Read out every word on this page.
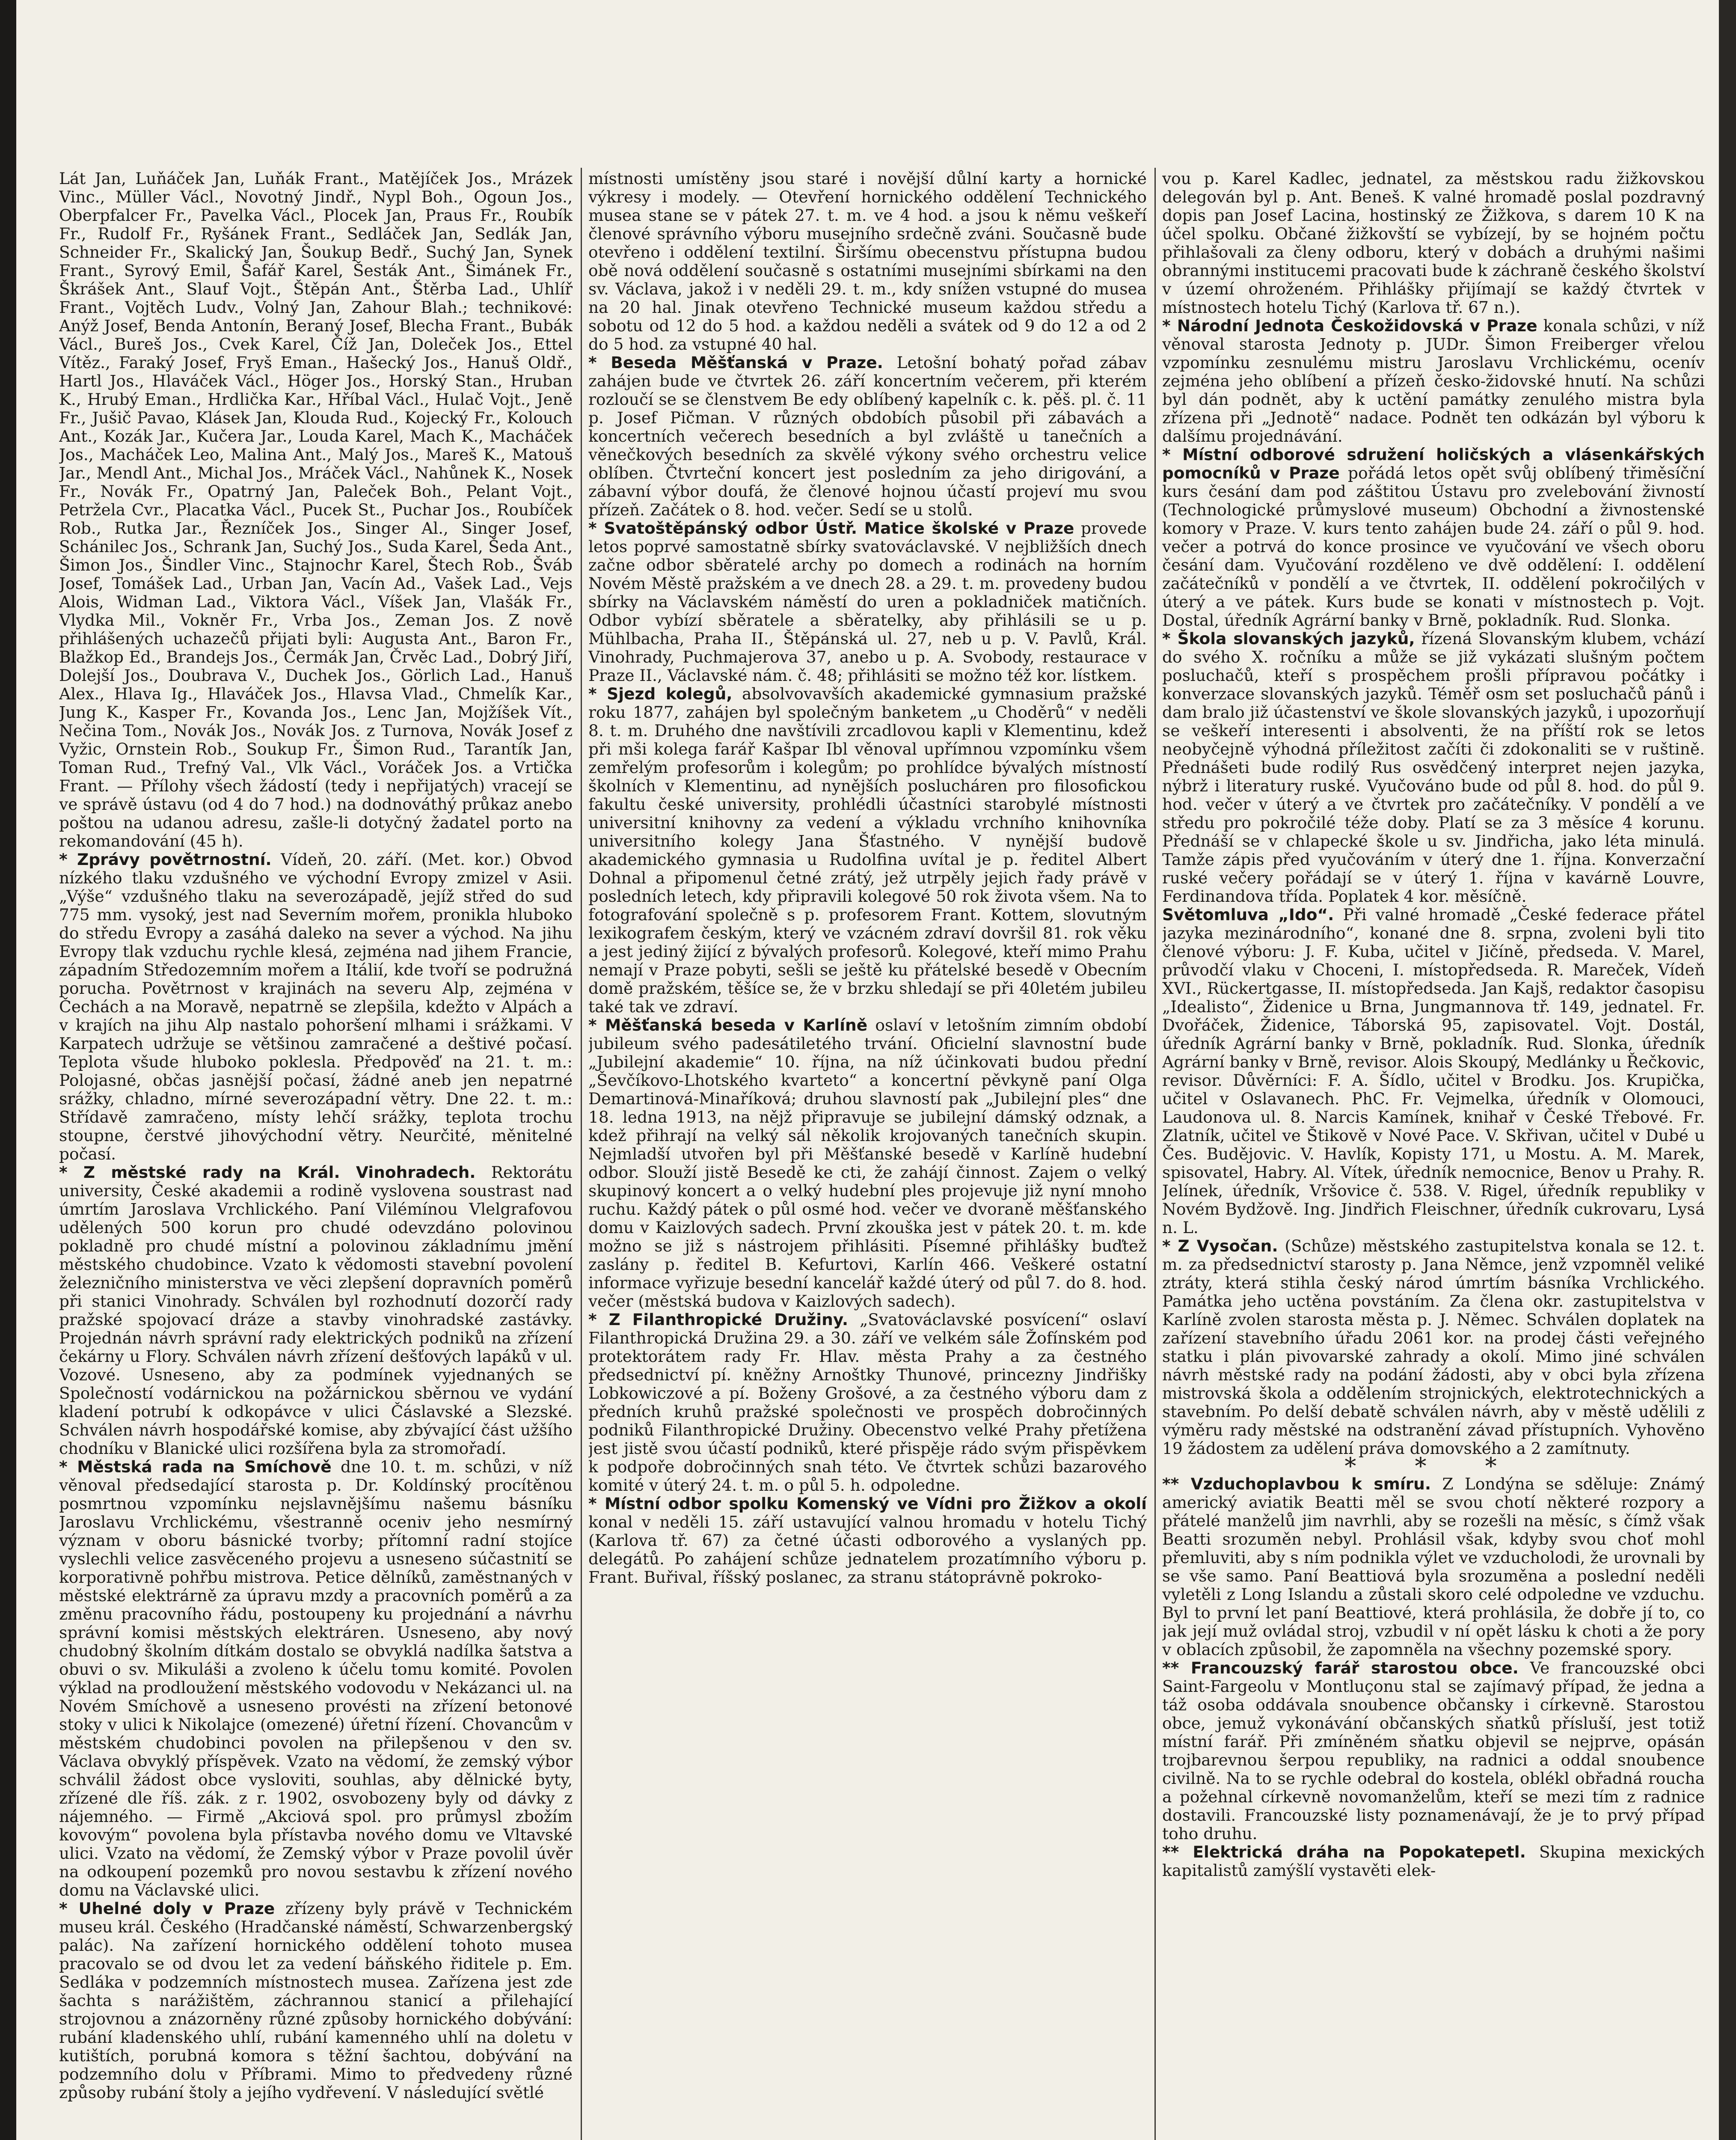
Lát Jan, Luňáček Jan, Luňák Frant., Matějíček Jos., Mrázek Vinc., Müller Václ., Novotný Jindř., Nypl Boh., Ogoun Jos., Oberpfalcer Fr., Pavelka Václ., Plocek Jan, Praus Fr., Roubík Fr., Rudolf Fr., Ryšánek Frant., Sedláček Jan, Sedlák Jan, Schneider Fr., Skalický Jan, Šoukup Bedř., Suchý Jan, Synek Frant., Syrový Emil, Šafář Karel, Šesták Ant., Šimánek Fr., Škrášek Ant., Slauf Vojt., Štěpán Ant., Štěrba Lad., Uhlíř Frant., Vojtěch Ludv., Volný Jan, Zahour Blah.; technikové: Anýž Josef, Benda Antonín, Beraný Josef, Blecha Frant., Bubák Václ., Bureš Jos., Cvek Karel, Číž Jan, Doleček Jos., Ettel Vítěz., Faraký Josef, Fryš Eman., Hašecký Jos., Hanuš Oldř., Hartl Jos., Hlaváček Václ., Höger Jos., Horský Stan., Hruban K., Hrubý Eman., Hrdlička Kar., Hříbal Václ., Hulač Vojt., Jeně Fr., Jušič Pavao, Klásek Jan, Klouda Rud., Kojecký Fr., Kolouch Ant., Kozák Jar., Kučera Jar., Louda Karel, Mach K., Macháček Jos., Macháček Leo, Malina Ant., Malý Jos., Mareš K., Matouš Jar., Mendl Ant., Michal Jos., Mráček Václ., Nahůnek K., Nosek Fr., Novák Fr., Opatrný Jan, Paleček Boh., Pelant Vojt., Petržela Cvr., Placatka Václ., Pucek St., Puchar Jos., Roubíček Rob., Rutka Jar., Řezníček Jos., Singer Al., Singer Josef, Schánilec Jos., Schrank Jan, Suchý Jos., Suda Karel, Šeda Ant., Šimon Jos., Šindler Vinc., Stajnochr Karel, Štech Rob., Šváb Josef, Tomášek Lad., Urban Jan, Vacín Ad., Vašek Lad., Vejs Alois, Widman Lad., Viktora Václ., Víšek Jan, Vlašák Fr., Vlydka Mil., Vokněr Fr., Vrba Jos., Zeman Jos. Z nově přihlášených uchazečů přijati byli: Augusta Ant., Baron Fr., Blažkop Ed., Brandejs Jos., Čermák Jan, Črvěc Lad., Dobrý Jiří, Dolejší Jos., Doubrava V., Duchek Jos., Görlich Lad., Hanuš Alex., Hlava Ig., Hlaváček Jos., Hlavsa Vlad., Chmelík Kar., Jung K., Kasper Fr., Kovanda Jos., Lenc Jan, Mojžíšek Vít., Nečina Tom., Novák Jos., Novák Jos. z Turnova, Novák Josef z Vyžic, Ornstein Rob., Soukup Fr., Šimon Rud., Tarantík Jan, Toman Rud., Trefný Val., Vlk Václ., Voráček Jos. a Vrtička Frant. — Přílohy všech žádostí (tedy i nepřijatých) vracejí se ve správě ústavu (od 4 do 7 hod.) na dodnováthý průkaz anebo poštou na udanou adresu, zašle-li dotyčný žadatel porto na rekomandování (45 h).

* Zprávy povětrnostní. Vídeň, 20. září. (Met. kor.) Obvod nízkého tlaku vzdušného ve východní Evropy zmizel v Asii. „Výše“ vzdušného tlaku na severozápadě, jejíž střed do sud 775 mm. vysoký, jest nad Severním mořem, pronikla hluboko do středu Evropy a zasáhá daleko na sever a východ. Na jihu Evropy tlak vzduchu rychle klesá, zejména nad jihem Francie, západním Středozemním mořem a Itálií, kde tvoří se podružná porucha. Povětrnost v krajinách na severu Alp, zejména v Čechách a na Moravě, nepatrně se zlepšila, kdežto v Alpách a v krajích na jihu Alp nastalo pohoršení mlhami i srážkami. V Karpatech udržuje se většinou zamračené a deštivé počasí. Teplota všude hluboko poklesla. Předpověď na 21. t. m.: Polojasné, občas jasnější počasí, žádné aneb jen nepatrné srážky, chladno, mírné severozápadní větry. Dne 22. t. m.: Střídavě zamračeno, místy lehčí srážky, teplota trochu stoupne, čerstvé jihovýchodní větry. Neurčité, měnitelné počasí.

* Z městské rady na Král. Vinohradech. Rektorátu university, České akademii a rodině vyslovena soustrast nad úmrtím Jaroslava Vrchlického. Paní Vilémínou Vlelgrafovou udělených 500 korun pro chudé odevzdáno polovinou pokladně pro chudé místní a polovinou základnímu jmění městského chudobince. Vzato k vědomosti stavební povolení železničního ministerstva ve věci zlepšení dopravních poměrů při stanici Vinohrady. Schválen byl rozhodnutí dozorčí rady pražské spojovací dráze a stavby vinohradské zastávky. Projednán návrh správní rady elektrických podniků na zřízení čekárny u Flory. Schválen návrh zřízení dešťových lapáků v ul. Vozové. Usneseno, aby za podmínek vyjednaných se Společností vodárnickou na požárnickou sběrnou ve vydání kladení potrubí k odkopávce v ulici Čáslavské a Slezské. Schválen návrh hospodářské komise, aby zbývající část užšího chodníku v Blanické ulici rozšířena byla za stromořadí.

* Městská rada na Smíchově dne 10. t. m. schůzi, v níž věnoval předsedající starosta p. Dr. Koldínský procítěnou posmrtnou vzpomínku nejslavnějšímu našemu básníku Jaroslavu Vrchlickému, všestranně oceniv jeho nesmírný význam v oboru básnické tvorby; přítomní radní stojíce vyslechli velice zasvěceného projevu a usneseno súčastnití se korporativně pohřbu mistrova. Petice dělníků, zaměstnaných v městské elektrárně za úpravu mzdy a pracovních poměrů a za změnu pracovního řádu, postoupeny ku projednání a návrhu správní komisi městských elektráren. Usneseno, aby nový chudobný školním dítkám dostalo se obvyklá nadílka šatstva a obuvi o sv. Mikuláši a zvoleno k účelu tomu komité. Povolen výklad na prodloužení městského vodovodu v Nekázanci ul. na Novém Smíchově a usneseno provésti na zřízení betonové stoky v ulici k Nikolajce (omezené) úřetní řízení. Chovancům v městském chudobinci povolen na přilepšenou v den sv. Václava obvyklý příspěvek. Vzato na vědomí, že zemský výbor schválil žádost obce vysloviti, souhlas, aby dělnické byty, zřízené dle říš. zák. z r. 1902, osvobozeny byly od dávky z nájemného. — Firmě „Akciová spol. pro průmysl zbožím kovovým“ povolena byla přístavba nového domu ve Vltavské ulici. Vzato na vědomí, že Zemský výbor v Praze povolil úvěr na odkoupení pozemků pro novou sestavbu k zřízení nového domu na Václavské ulici.

* Uhelné doly v Praze zřízeny byly právě v Technickém museu král. Českého (Hradčanské náměstí, Schwarzenbergský palác). Na zařízení hornického oddělení tohoto musea pracovalo se od dvou let za vedení báňského řiditele p. Em. Sedláka v podzemních místnostech musea. Zařízena jest zde šachta s narážištěm, záchrannou stanicí a přilehající strojovnou a znázorněny různé způsoby hornického dobývání: rubání kladenského uhlí, rubání kamenného uhlí na doletu v kutištích, porubná komora s těžní šachtou, dobývání na podzemního dolu v Příbrami. Mimo to předvedeny různé způsoby rubání štoly a jejího vydřevení. V následující světlé

místnosti umístěny jsou staré i novější důlní karty a hornické výkresy i modely. — Otevření hornického oddělení Technického musea stane se v pátek 27. t. m. ve 4 hod. a jsou k němu veškeří členové správního výboru musejního srdečně zváni. Současně bude otevřeno i oddělení textilní. Širšímu obecenstvu přístupna budou obě nová oddělení současně s ostatními musejními sbírkami na den sv. Václava, jakož i v neděli 29. t. m., kdy snížen vstupné do musea na 20 hal. Jinak otevřeno Technické museum každou středu a sobotu od 12 do 5 hod. a každou neděli a svátek od 9 do 12 a od 2 do 5 hod. za vstupné 40 hal.

* Beseda Měšťanská v Praze. Letošní bohatý pořad zábav zahájen bude ve čtvrtek 26. září koncertním večerem, při kterém rozloučí se se členstvem Be edy oblíbený kapelník c. k. pěš. pl. č. 11 p. Josef Pičman. V různých obdobích působil při zábavách a koncertních večerech besedních a byl zvláště u tanečních a věnečkových besedních za skvělé výkony svého orchestru velice oblíben. Čtvrteční koncert jest posledním za jeho dirigování, a zábavní výbor doufá, že členové hojnou účastí projeví mu svou přízeň. Začátek o 8. hod. večer. Sedí se u stolů.

* Svatoštěpánský odbor Ústř. Matice školské v Praze provede letos poprvé samostatně sbírky svatováclavské. V nejbližších dnech začne odbor sběratelé archy po domech a rodinách na horním Novém Městě pražském a ve dnech 28. a 29. t. m. provedeny budou sbírky na Václavském náměstí do uren a pokladniček matičních. Odbor vybízí sběratele a sběratelky, aby přihlásili se u p. Mühlbacha, Praha II., Štěpánská ul. 27, neb u p. V. Pavlů, Král. Vinohrady, Puchmajerova 37, anebo u p. A. Svobody, restaurace v Praze II., Václavské nám. č. 48; přihlásiti se možno též kor. lístkem.

* Sjezd kolegů, absolvovavších akademické gymnasium pražské roku 1877, zahájen byl společným banketem „u Choděrů“ v neděli 8. t. m. Druhého dne navštívili zrcadlovou kapli v Klementinu, kdež při mši kolega farář Kašpar Ibl věnoval upřímnou vzpomínku všem zemřelým profesorům i kolegům; po prohlídce bývalých místností školních v Klementinu, ad nynějších poslucháren pro filosofickou fakultu české university, prohlédli účastníci starobylé místnosti universitní knihovny za vedení a výkladu vrchního knihovníka universitního kolegy Jana Šťastného. V nynější budově akademického gymnasia u Rudolfina uvítal je p. ředitel Albert Dohnal a připomenul četné zrátý, jež utrpěly jejich řady právě v posledních letech, kdy připravili kolegové 50 rok života všem. Na to fotografování společně s p. profesorem Frant. Kottem, slovutným lexikografem českým, který ve vzácném zdraví dovršil 81. rok věku a jest jediný žijící z bývalých profesorů. Kolegové, kteří mimo Prahu nemají v Praze pobyti, sešli se ještě ku přátelské besedě v Obecním domě pražském, těšíce se, že v brzku shledají se při 40letém jubileu také tak ve zdraví.

* Měšťanská beseda v Karlíně oslaví v letošním zimním období jubileum svého padesátiletého trvání. Oficielní slavnostní bude „Jubilejní akademie“ 10. října, na níž účinkovati budou přední „Ševčíkovo-Lhotského kvarteto“ a koncertní pěvkyně paní Olga Demartinová-Minaříková; druhou slavností pak „Jubilejní ples“ dne 18. ledna 1913, na nějž připravuje se jubilejní dámský odznak, a kdež přihrají na velký sál několik krojovaných tanečních skupin. Nejmladší utvořen byl při Měšťanské besedě v Karlíně hudební odbor. Slouží jistě Besedě ke cti, že zahájí činnost. Zajem o velký skupinový koncert a o velký hudební ples projevuje již nyní mnoho ruchu. Každý pátek o půl osmé hod. večer ve dvoraně měšťanského domu v Kaizlových sadech. První zkouška jest v pátek 20. t. m. kde možno se již s nástrojem přihlásiti. Písemné přihlášky buďtež zaslány p. ředitel B. Kefurtovi, Karlín 466. Veškeré ostatní informace vyřizuje besední kancelář každé úterý od půl 7. do 8. hod. večer (městská budova v Kaizlových sadech).

* Z Filanthropické Družiny. „Svatováclavské posvícení“ oslaví Filanthropická Družina 29. a 30. září ve velkém sále Žofínském pod protektorátem rady Fr. Hlav. města Prahy a za čestného předsednictví pí. kněžny Arnoštky Thunové, princezny Jindřišky Lobkowiczové a pí. Boženy Grošové, a za čestného výboru dam z předních kruhů pražské společnosti ve prospěch dobročinných podniků Filanthropické Družiny. Obecenstvo velké Prahy přetížena jest jistě svou účastí podniků, které přispěje rádo svým přispěvkem k podpoře dobročinných snah této. Ve čtvrtek schůzi bazarového komité v úterý 24. t. m. o půl 5. h. odpoledne.

* Místní odbor spolku Komenský ve Vídni pro Žižkov a okolí konal v neděli 15. září ustavující valnou hromadu v hotelu Tichý (Karlova tř. 67) za četné účasti odborového a vyslaných pp. delegátů. Po zahájení schůze jednatelem prozatímního výboru p. Frant. Buřival, říšský poslanec, za stranu státoprávně pokroko-

vou p. Karel Kadlec, jednatel, za městskou radu žižkovskou delegován byl p. Ant. Beneš. K valné hromadě poslal pozdravný dopis pan Josef Lacina, hostinský ze Žižkova, s darem 10 K na účel spolku. Občané žižkovští se vybízejí, by se hojném počtu přihlašovali za členy odboru, který v dobách a druhými našimi obrannými institucemi pracovati bude k záchraně českého školství v území ohroženém. Přihlášky přijímají se každý čtvrtek v místnostech hotelu Tichý (Karlova tř. 67 n.).

* Národní Jednota Českožidovská v Praze konala schůzi, v níž věnoval starosta Jednoty p. JUDr. Šimon Freiberger vřelou vzpomínku zesnulému mistru Jaroslavu Vrchlickému, ocenív zejména jeho oblíbení a přízeň česko-židovské hnutí. Na schůzi byl dán podnět, aby k uctění památky zenulého mistra byla zřízena při „Jednotě“ nadace. Podnět ten odkázán byl výboru k dalšímu projednávání.

* Místní odborové sdružení holičských a vlásenkářských pomocníků v Praze pořádá letos opět svůj oblíbený třiměsíční kurs česání dam pod záštitou Ústavu pro zvelebování živností (Technologické průmyslové museum) Obchodní a živnostenské komory v Praze. V. kurs tento zahájen bude 24. září o půl 9. hod. večer a potrvá do konce prosince ve vyučování ve všech oboru česání dam. Vyučování rozděleno ve dvě oddělení: I. oddělení začátečníků v pondělí a ve čtvrtek, II. oddělení pokročilých v úterý a ve pátek. Kurs bude se konati v místnostech p. Vojt. Dostal, úředník Agrární banky v Brně, pokladník. Rud. Slonka.

* Škola slovanských jazyků, řízená Slovanským klubem, vchází do svého X. ročníku a může se již vykázati slušným počtem posluchačů, kteří s prospěchem prošli přípravou počátky i konverzace slovanských jazyků. Téměř osm set posluchačů pánů i dam bralo již účastenství ve škole slovanských jazyků, i upozorňují se veškeří interesenti i absolventi, že na příští rok se letos neobyčejně výhodná příležitost začíti či zdokonaliti se v ruštině. Přednášeti bude rodilý Rus osvědčený interpret nejen jazyka, nýbrž i literatury ruské. Vyučováno bude od půl 8. hod. do půl 9. hod. večer v úterý a ve čtvrtek pro začátečníky. V pondělí a ve středu pro pokročilé téže doby. Platí se za 3 měsíce 4 korunu. Přednáší se v chlapecké škole u sv. Jindřicha, jako léta minulá. Tamže zápis před vyučováním v úterý dne 1. října. Konverzační ruské večery pořádají se v úterý 1. října v kavárně Louvre, Ferdinandova třída. Poplatek 4 kor. měsíčně.

Světomluva „Ido“. Při valné hromadě „České federace přátel jazyka mezinárodního“, konané dne 8. srpna, zvoleni byli tito členové výboru: J. F. Kuba, učitel v Jičíně, předseda. V. Marel, průvodčí vlaku v Choceni, I. místopředseda. R. Mareček, Vídeň XVI., Rückertgasse, II. místopředseda. Jan Kajš, redaktor časopisu „Idealisto“, Židenice u Brna, Jungmannova tř. 149, jednatel. Fr. Dvořáček, Židenice, Táborská 95, zapisovatel. Vojt. Dostál, úředník Agrární banky v Brně, pokladník. Rud. Slonka, úředník Agrární banky v Brně, revisor. Alois Skoupý, Medlánky u Řečkovic, revisor. Důvěrníci: F. A. Šídlo, učitel v Brodku. Jos. Krupička, učitel v Oslavanech. PhC. Fr. Vejmelka, úředník v Olomouci, Laudonova ul. 8. Narcis Kamínek, knihař v České Třebové. Fr. Zlatník, učitel ve Štikově v Nové Pace. V. Skřivan, učitel v Dubé u Čes. Budějovic. V. Havlík, Kopisty 171, u Mostu. A. M. Marek, spisovatel, Habry. Al. Vítek, úředník nemocnice, Benov u Prahy. R. Jelínek, úředník, Vršovice č. 538. V. Rigel, úředník republiky v Novém Bydžově. Ing. Jindřich Fleischner, úředník cukrovaru, Lysá n. L.

* Z Vysočan. (Schůze) městského zastupitelstva konala se 12. t. m. za předsednictví starosty p. Jana Němce, jenž vzpomněl veliké ztráty, která stihla český národ úmrtím básníka Vrchlického. Památka jeho uctěna povstáním. Za člena okr. zastupitelstva v Karlíně zvolen starosta města p. J. Němec. Schválen doplatek na zařízení stavebního úřadu 2061 kor. na prodej části veřejného statku i plán pivovarské zahrady a okolí. Mimo jiné schválen návrh městské rady na podání žádosti, aby v obci byla zřízena mistrovská škola a oddělením strojnických, elektrotechnických a stavebním. Po delší debatě schválen návrh, aby v městě udělili z výměru rady městské na odstranění závad přístupních. Vyhověno 19 žádostem za udělení práva domovského a 2 zamítnuty.

* * *

** Vzduchoplavbou k smíru. Z Londýna se sděluje: Známý americký aviatik Beatti měl se svou chotí některé rozpory a přátelé manželů jim navrhli, aby se rozešli na měsíc, s čímž však Beatti srozuměn nebyl. Prohlásil však, kdyby svou choť mohl přemluviti, aby s ním podnikla výlet ve vzducholodi, že urovnali by se vše samo. Paní Beattiová byla srozuměna a poslední neděli vyletěli z Long Islandu a zůstali skoro celé odpoledne ve vzduchu. Byl to první let paní Beattiové, která prohlásila, že dobře jí to, co jak její muž ovládal stroj, vzbudil v ní opět lásku k choti a že pory v oblacích způsobil, že zapomněla na všechny pozemské spory.

** Francouzský farář starostou obce. Ve francouzské obci Saint-Fargeolu v Montluçonu stal se zajímavý případ, že jedna a táž osoba oddávala snoubence občansky i církevně. Starostou obce, jemuž vykonávání občanských sňatků přísluší, jest totiž místní farář. Při zmíněném sňatku objevil se nejprve, opásán trojbarevnou šerpou republiky, na radnici a oddal snoubence civilně. Na to se rychle odebral do kostela, oblékl obřadná roucha a požehnal církevně novomanželům, kteří se mezi tím z radnice dostavili. Francouzské listy poznamenávají, že je to prvý případ toho druhu.

** Elektrická dráha na Popokatepetl. Skupina mexických kapitalistů zamýšlí vystavěti elek-
